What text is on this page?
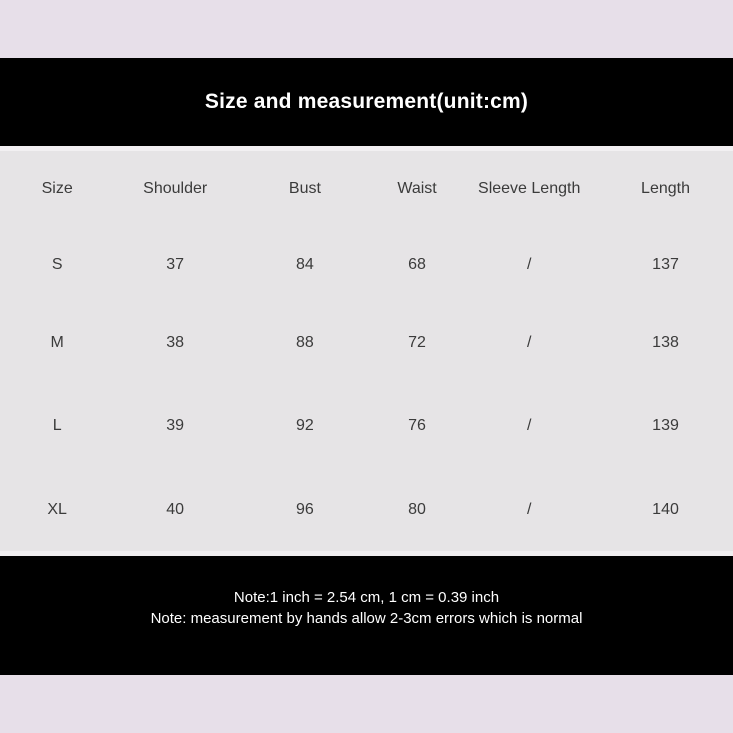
Size and measurement(unit:cm)
Size	Shoulder	Bust	Waist	Sleeve Length	Length
S	37	84	68	/	137
M	38	88	72	/	138
L	39	92	76	/	139
XL	40	96	80	/	140

Note:1 inch = 2.54 cm, 1 cm = 0.39 inch

Note: measurement by hands allow 2-3cm errors which is normal
